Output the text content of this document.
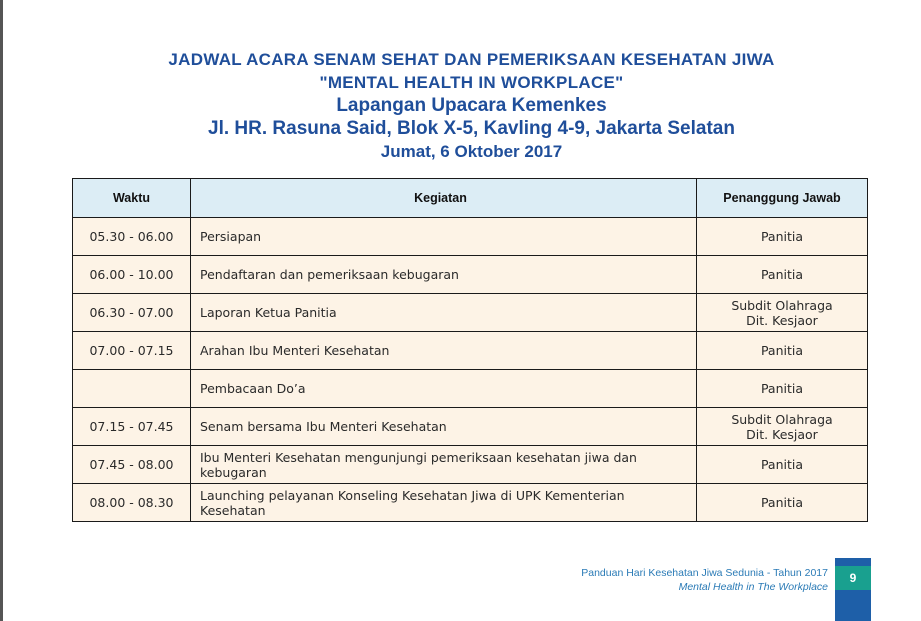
JADWAL ACARA SENAM SEHAT DAN PEMERIKSAAN KESEHATAN JIWA
"MENTAL HEALTH IN WORKPLACE"
Lapangan Upacara Kemenkes
Jl. HR. Rasuna Said, Blok X-5, Kavling 4-9, Jakarta Selatan
Jumat, 6 Oktober 2017
Waktu	Kegiatan	Penanggung Jawab
05.30 - 06.00	Persiapan	Panitia
06.00 - 10.00	Pendaftaran dan pemeriksaan kebugaran	Panitia
06.30 - 07.00	Laporan Ketua Panitia	Subdit Olahraga
Dit. Kesjaor
07.00 - 07.15	Arahan Ibu Menteri Kesehatan	Panitia
	Pembacaan Do’a	Panitia
07.15 - 07.45	Senam bersama Ibu Menteri Kesehatan	Subdit Olahraga
Dit. Kesjaor
07.45 - 08.00	Ibu Menteri Kesehatan mengunjungi pemeriksaan kesehatan jiwa dan kebugaran	Panitia
08.00 - 08.30	Launching pelayanan Konseling Kesehatan Jiwa di UPK Kementerian Kesehatan	Panitia
Panduan Hari Kesehatan Jiwa Sedunia - Tahun 2017
Mental Health in The Workplace
9
